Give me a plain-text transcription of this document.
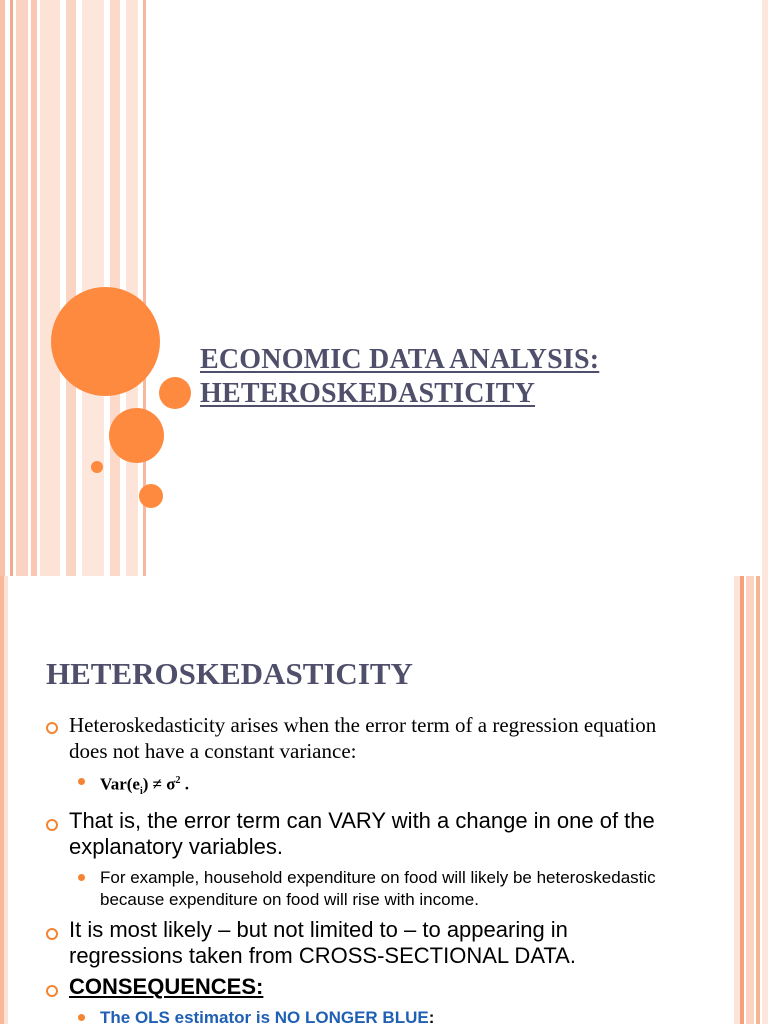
ECONOMIC DATA ANALYSIS:
HETEROSKEDASTICITY
HETEROSKEDASTICITY
Heteroskedasticity arises when the error term of a regression equation does not have a constant variance:
$Var(e_i) \ne \sigma^2$ .
That is, the error term can VARY with a change in one of the explanatory variables.
For example, household expenditure on food will likely be heteroskedastic because expenditure on food will rise with income.
It is most likely – but not limited to – to appearing in regressions taken from CROSS-SECTIONAL DATA.
CONSEQUENCES:
The OLS estimator is NO LONGER BLUE:
